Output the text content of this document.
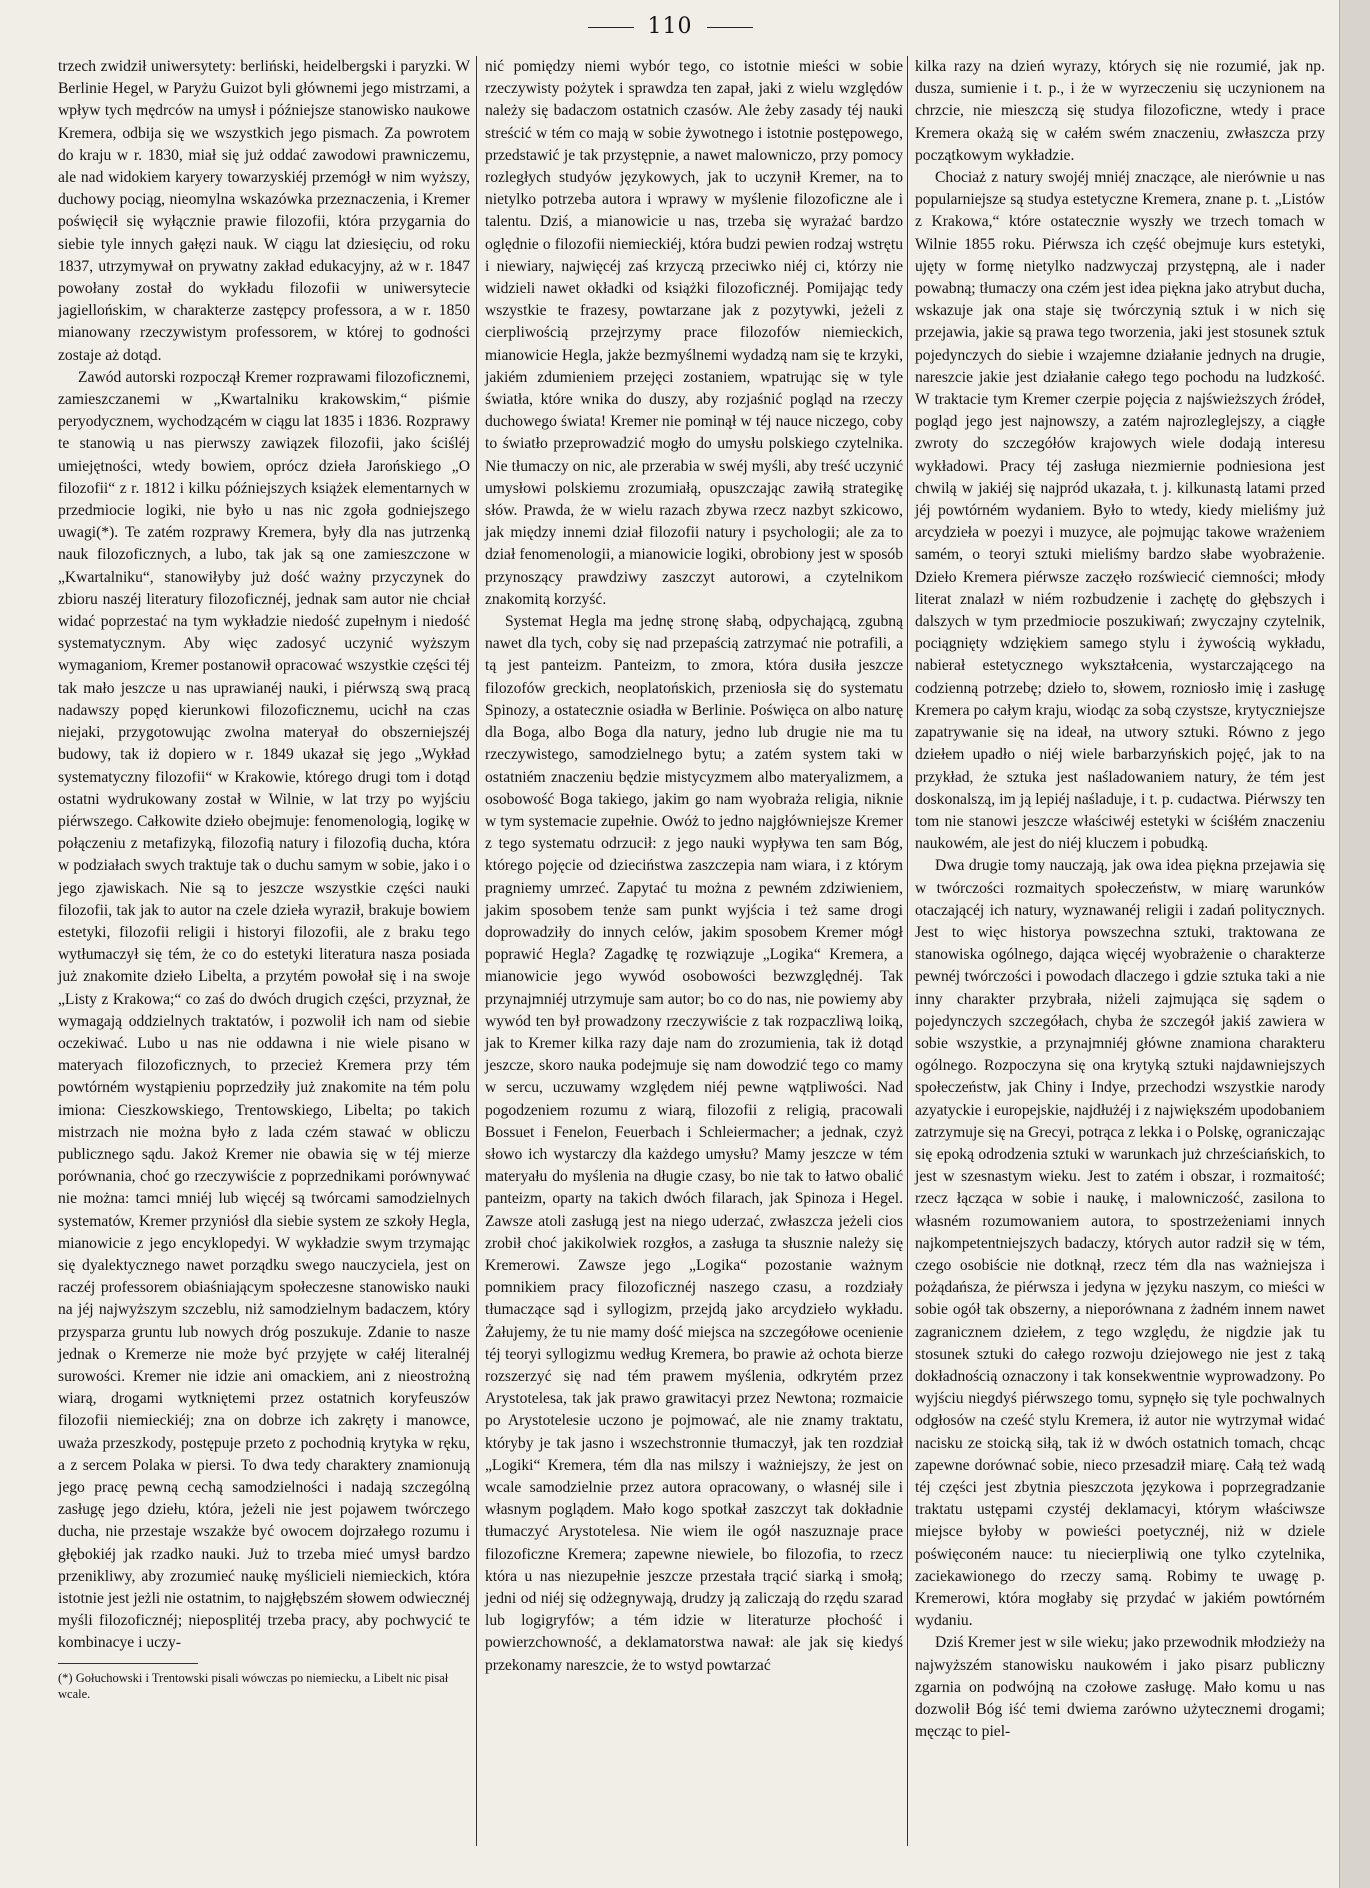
110

trzech zwidził uniwersytety: berliński, heidelbergski i paryzki. W Berlinie Hegel, w Paryżu Guizot byli głównemi jego mistrzami, a wpływ tych mędrców na umysł i późniejsze stanowisko naukowe Kremera, odbija się we wszystkich jego pismach. Za powrotem do kraju w r. 1830, miał się już oddać zawodowi prawniczemu, ale nad widokiem karyery towarzyskiéj przemógł w nim wyższy, duchowy pociąg, nieomylna wskazówka przeznaczenia, i Kremer poświęcił się wyłącznie prawie filozofii, która przygarnia do siebie tyle innych gałęzi nauk. W ciągu lat dziesięciu, od roku 1837, utrzymywał on prywatny zakład edukacyjny, aż w r. 1847 powołany został do wykładu filozofii w uniwersytecie jagiellońskim, w charakterze zastępcy professora, a w r. 1850 mianowany rzeczywistym professorem, w której to godności zostaje aż dotąd.

Zawód autorski rozpoczął Kremer rozprawami filozoficznemi, zamieszczanemi w „Kwartalniku krakowskim,“ piśmie peryodycznem, wychodzącém w ciągu lat 1835 i 1836. Rozprawy te stanowią u nas pierwszy zawiązek filozofii, jako ściśléj umiejętności, wtedy bowiem, oprócz dzieła Jarońskiego „O filozofii“ z r. 1812 i kilku późniejszych książek elementarnych w przedmiocie logiki, nie było u nas nic zgoła godniejszego uwagi(*). Te zatém rozprawy Kremera, były dla nas jutrzenką nauk filozoficznych, a lubo, tak jak są one zamieszczone w „Kwartalniku“, stanowiłyby już dość ważny przyczynek do zbioru naszéj literatury filozoficznéj, jednak sam autor nie chciał widać poprzestać na tym wykładzie niedość zupełnym i niedość systematycznym. Aby więc zadosyć uczynić wyższym wymaganiom, Kremer postanowił opracować wszystkie części téj tak mało jeszcze u nas uprawianéj nauki, i piérwszą swą pracą nadawszy popęd kierunkowi filozoficznemu, ucichł na czas niejaki, przygotowując zwolna materyał do obszerniejszéj budowy, tak iż dopiero w r. 1849 ukazał się jego „Wykład systematyczny filozofii“ w Krakowie, którego drugi tom i dotąd ostatni wydrukowany został w Wilnie, w lat trzy po wyjściu piérwszego. Całkowite dzieło obejmuje: fenomenologią, logikę w połączeniu z metafizyką, filozofią natury i filozofią ducha, która w podziałach swych traktuje tak o duchu samym w sobie, jako i o jego zjawiskach. Nie są to jeszcze wszystkie części nauki filozofii, tak jak to autor na czele dzieła wyraził, brakuje bowiem estetyki, filozofii religii i historyi filozofii, ale z braku tego wytłumaczył się tém, że co do estetyki literatura nasza posiada już znakomite dzieło Libelta, a przytém powołał się i na swoje „Listy z Krakowa;“ co zaś do dwóch drugich części, przyznał, że wymagają oddzielnych traktatów, i pozwolił ich nam od siebie oczekiwać. Lubo u nas nie oddawna i nie wiele pisano w materyach filozoficznych, to przecież Kremera przy tém powtórném wystąpieniu poprzedziły już znakomite na tém polu imiona: Cieszkowskiego, Trentowskiego, Libelta; po takich mistrzach nie można było z lada czém stawać w obliczu publicznego sądu. Jakoż Kremer nie obawia się w téj mierze porównania, choć go rzeczywiście z poprzednikami porównywać nie można: tamci mniéj lub więcéj są twórcami samodzielnych systematów, Kremer przyniósł dla siebie system ze szkoły Hegla, mianowicie z jego encyklopedyi. W wykładzie swym trzymając się dyalektycznego nawet porządku swego nauczyciela, jest on raczéj professorem obiaśniającym społeczesne stanowisko nauki na jéj najwyższym szczeblu, niż samodzielnym badaczem, który przysparza gruntu lub nowych dróg poszukuje. Zdanie to nasze jednak o Kremerze nie może być przyjęte w całéj literalnéj surowości. Kremer nie idzie ani omackiem, ani z nieostrożną wiarą, drogami wytkniętemi przez ostatnich koryfeuszów filozofii niemieckiéj; zna on dobrze ich zakręty i manowce, uważa przeszkody, postępuje przeto z pochodnią krytyka w ręku, a z sercem Polaka w piersi. To dwa tedy charaktery znamionują jego pracę pewną cechą samodzielności i nadają szczególną zasługę jego dziełu, która, jeżeli nie jest pojawem twórczego ducha, nie przestaje wszakże być owocem dojrzałego rozumu i głębokiéj jak rzadko nauki. Już to trzeba mieć umysł bardzo przenikliwy, aby zrozumieć naukę myślicieli niemieckich, która istotnie jest jeżli nie ostatnim, to najgłębszém słowem odwiecznéj myśli filozoficznéj; nieposplitéj trzeba pracy, aby pochwycić te kombinacye i uczy-

(*) Gołuchowski i Trentowski pisali wówczas po niemiecku, a Libelt nic pisał wcale.

nić pomiędzy niemi wybór tego, co istotnie mieści w sobie rzeczywisty pożytek i sprawdza ten zapał, jaki z wielu względów należy się badaczom ostatnich czasów. Ale żeby zasady téj nauki streścić w tém co mają w sobie żywotnego i istotnie postępowego, przedstawić je tak przystępnie, a nawet malowniczo, przy pomocy rozległych studyów językowych, jak to uczynił Kremer, na to nietylko potrzeba autora i wprawy w myślenie filozoficzne ale i talentu. Dziś, a mianowicie u nas, trzeba się wyrażać bardzo oględnie o filozofii niemieckiéj, która budzi pewien rodzaj wstrętu i niewiary, najwięcéj zaś krzyczą przeciwko niéj ci, którzy nie widzieli nawet okładki od książki filozoficznéj. Pomijając tedy wszystkie te frazesy, powtarzane jak z pozytywki, jeżeli z cierpliwością przejrzymy prace filozofów niemieckich, mianowicie Hegla, jakże bezmyślnemi wydadzą nam się te krzyki, jakiém zdumieniem przejęci zostaniem, wpatrując się w tyle światła, które wnika do duszy, aby rozjaśnić pogląd na rzeczy duchowego świata! Kremer nie pominął w téj nauce niczego, coby to światło przeprowadzić mogło do umysłu polskiego czytelnika. Nie tłumaczy on nic, ale przerabia w swéj myśli, aby treść uczynić umysłowi polskiemu zrozumiałą, opuszczając zawiłą strategikę słów. Prawda, że w wielu razach zbywa rzecz nazbyt szkicowo, jak między innemi dział filozofii natury i psychologii; ale za to dział fenomenologii, a mianowicie logiki, obrobiony jest w sposób przynoszący prawdziwy zaszczyt autorowi, a czytelnikom znakomitą korzyść.

Systemat Hegla ma jednę stronę słabą, odpychającą, zgubną nawet dla tych, coby się nad przepaścią zatrzymać nie potrafili, a tą jest panteizm. Panteizm, to zmora, która dusiła jeszcze filozofów greckich, neoplatońskich, przeniosła się do systematu Spinozy, a ostatecznie osiadła w Berlinie. Poświęca on albo naturę dla Boga, albo Boga dla natury, jedno lub drugie nie ma tu rzeczywistego, samodzielnego bytu; a zatém system taki w ostatniém znaczeniu będzie mistycyzmem albo materyalizmem, a osobowość Boga takiego, jakim go nam wyobraża religia, niknie w tym systemacie zupełnie. Owóż to jedno najgłówniejsze Kremer z tego systematu odrzucił: z jego nauki wypływa ten sam Bóg, którego pojęcie od dzieciństwa zaszczepia nam wiara, i z którym pragniemy umrzeć. Zapytać tu można z pewném zdziwieniem, jakim sposobem tenże sam punkt wyjścia i też same drogi doprowadziły do innych celów, jakim sposobem Kremer mógł poprawić Hegla? Zagadkę tę rozwiązuje „Logika“ Kremera, a mianowicie jego wywód osobowości bezwzględnéj. Tak przynajmniéj utrzymuje sam autor; bo co do nas, nie powiemy aby wywód ten był prowadzony rzeczywiście z tak rozpaczliwą loiką, jak to Kremer kilka razy daje nam do zrozumienia, tak iż dotąd jeszcze, skoro nauka podejmuje się nam dowodzić tego co mamy w sercu, uczuwamy względem niéj pewne wątpliwości. Nad pogodzeniem rozumu z wiarą, filozofii z religią, pracowali Bossuet i Fenelon, Feuerbach i Schleiermacher; a jednak, czyż słowo ich wystarczy dla każdego umysłu? Mamy jeszcze w tém materyału do myślenia na długie czasy, bo nie tak to łatwo obalić panteizm, oparty na takich dwóch filarach, jak Spinoza i Hegel. Zawsze atoli zasługą jest na niego uderzać, zwłaszcza jeżeli cios zrobił choć jakikolwiek rozgłos, a zasługa ta słusznie należy się Kremerowi. Zawsze jego „Logika“ pozostanie ważnym pomnikiem pracy filozoficznéj naszego czasu, a rozdziały tłumaczące sąd i syllogizm, przejdą jako arcydzieło wykładu. Żałujemy, że tu nie mamy dość miejsca na szczegółowe ocenienie téj teoryi syllogizmu według Kremera, bo prawie aż ochota bierze rozszerzyć się nad tém prawem myślenia, odkrytém przez Arystotelesa, tak jak prawo grawitacyi przez Newtona; rozmaicie po Arystotelesie uczono je pojmować, ale nie znamy traktatu, któryby je tak jasno i wszechstronnie tłumaczył, jak ten rozdział „Logiki“ Kremera, tém dla nas milszy i ważniejszy, że jest on wcale samodzielnie przez autora opracowany, o własnéj sile i własnym poglądem. Mało kogo spotkał zaszczyt tak dokładnie tłumaczyć Arystotelesa. Nie wiem ile ogół naszuznaje prace filozoficzne Kremera; zapewne niewiele, bo filozofia, to rzecz która u nas niezupełnie jeszcze przestała trącić siarką i smołą; jedni od niéj się odżegnywają, drudzy ją zaliczają do rzędu szarad lub logigryfów; a tém idzie w literaturze płochość i powierzchowność, a deklamatorstwa nawał: ale jak się kiedyś przekonamy nareszcie, że to wstyd powtarzać

kilka razy na dzień wyrazy, których się nie rozumié, jak np. dusza, sumienie i t. p., i że w wyrzeczeniu się uczynionem na chrzcie, nie mieszczą się studya filozoficzne, wtedy i prace Kremera okażą się w całém swém znaczeniu, zwłaszcza przy początkowym wykładzie.

Chociaż z natury swojéj mniéj znaczące, ale nierównie u nas popularniejsze są studya estetyczne Kremera, znane p. t. „Listów z Krakowa,“ które ostatecznie wyszły we trzech tomach w Wilnie 1855 roku. Piérwsza ich część obejmuje kurs estetyki, ujęty w formę nietylko nadzwyczaj przystępną, ale i nader powabną; tłumaczy ona czém jest idea piękna jako atrybut ducha, wskazuje jak ona staje się twórczynią sztuk i w nich się przejawia, jakie są prawa tego tworzenia, jaki jest stosunek sztuk pojedynczych do siebie i wzajemne działanie jednych na drugie, nareszcie jakie jest działanie całego tego pochodu na ludzkość. W traktacie tym Kremer czerpie pojęcia z najświeższych źródeł, pogląd jego jest najnowszy, a zatém najrozleglejszy, a ciągłe zwroty do szczegółów krajowych wiele dodają interesu wykładowi. Pracy téj zasługa niezmiernie podniesiona jest chwilą w jakiéj się najpród ukazała, t. j. kilkunastą latami przed jéj powtórném wydaniem. Było to wtedy, kiedy mieliśmy już arcydzieła w poezyi i muzyce, ale pojmując takowe wrażeniem samém, o teoryi sztuki mieliśmy bardzo słabe wyobrażenie. Dzieło Kremera piérwsze zaczęło rozświecić ciemności; młody literat znalazł w niém rozbudzenie i zachętę do głębszych i dalszych w tym przedmiocie poszukiwań; zwyczajny czytelnik, pociągnięty wdziękiem samego stylu i żywością wykładu, nabierał estetycznego wykształcenia, wystarczającego na codzienną potrzebę; dzieło to, słowem, rozniosło imię i zasługę Kremera po całym kraju, wiodąc za sobą czystsze, krytyczniejsze zapatrywanie się na ideał, na utwory sztuki. Równo z jego dziełem upadło o niéj wiele barbarzyńskich pojęć, jak to na przykład, że sztuka jest naśladowaniem natury, że tém jest doskonalszą, im ją lepiéj naśladuje, i t. p. cudactwa. Piérwszy ten tom nie stanowi jeszcze właściwéj estetyki w ściśłém znaczeniu naukowém, ale jest do niéj kluczem i pobudką.

Dwa drugie tomy nauczają, jak owa idea piękna przejawia się w twórczości rozmaitych społeczeństw, w miarę warunków otaczającéj ich natury, wyznawanéj religii i zadań politycznych. Jest to więc historya powszechna sztuki, traktowana ze stanowiska ogólnego, dająca więcéj wyobrażenie o charakterze pewnéj twórczości i powodach dlaczego i gdzie sztuka taki a nie inny charakter przybrała, niżeli zajmująca się sądem o pojedynczych szczegółach, chyba że szczegół jakiś zawiera w sobie wszystkie, a przynajmniéj główne znamiona charakteru ogólnego. Rozpoczyna się ona krytyką sztuki najdawniejszych społeczeństw, jak Chiny i Indye, przechodzi wszystkie narody azyatyckie i europejskie, najdłużéj i z największém upodobaniem zatrzymuje się na Grecyi, potrąca z lekka i o Polskę, ograniczając się epoką odrodzenia sztuki w warunkach już chrześciańskich, to jest w szesnastym wieku. Jest to zatém i obszar, i rozmaitość; rzecz łącząca w sobie i naukę, i malowniczość, zasilona to własném rozumowaniem autora, to spostrzeżeniami innych najkompetentniejszych badaczy, których autor radził się w tém, czego osobiście nie dotknął, rzecz tém dla nas ważniejsza i pożądańsza, że piérwsza i jedyna w języku naszym, co mieści w sobie ogół tak obszerny, a nieporównana z żadném innem nawet zagranicznem dziełem, z tego względu, że nigdzie jak tu stosunek sztuki do całego rozwoju dziejowego nie jest z taką dokładnością oznaczony i tak konsekwentnie wyprowadzony. Po wyjściu niegdyś piérwszego tomu, sypnęło się tyle pochwalnych odgłosów na cześć stylu Kremera, iż autor nie wytrzymał widać nacisku ze stoicką siłą, tak iż w dwóch ostatnich tomach, chcąc zapewne dorównać sobie, nieco przesadził miarę. Całą też wadą téj części jest zbytnia pieszczota językowa i poprzegradzanie traktatu ustępami czystéj deklamacyi, którym właściwsze miejsce byłoby w powieści poetycznéj, niż w dziele poświęconém nauce: tu niecierpliwią one tylko czytelnika, zaciekawionego do rzeczy samą. Robimy te uwagę p. Kremerowi, która mogłaby się przydać w jakiém powtórném wydaniu.

Dziś Kremer jest w sile wieku; jako przewodnik młodzieży na najwyższém stanowisku naukowém i jako pisarz publiczny zgarnia on podwójną na czołowe zasługę. Mało komu u nas dozwolił Bóg iść temi dwiema zarówno użytecznemi drogami; męcząc to piel-
